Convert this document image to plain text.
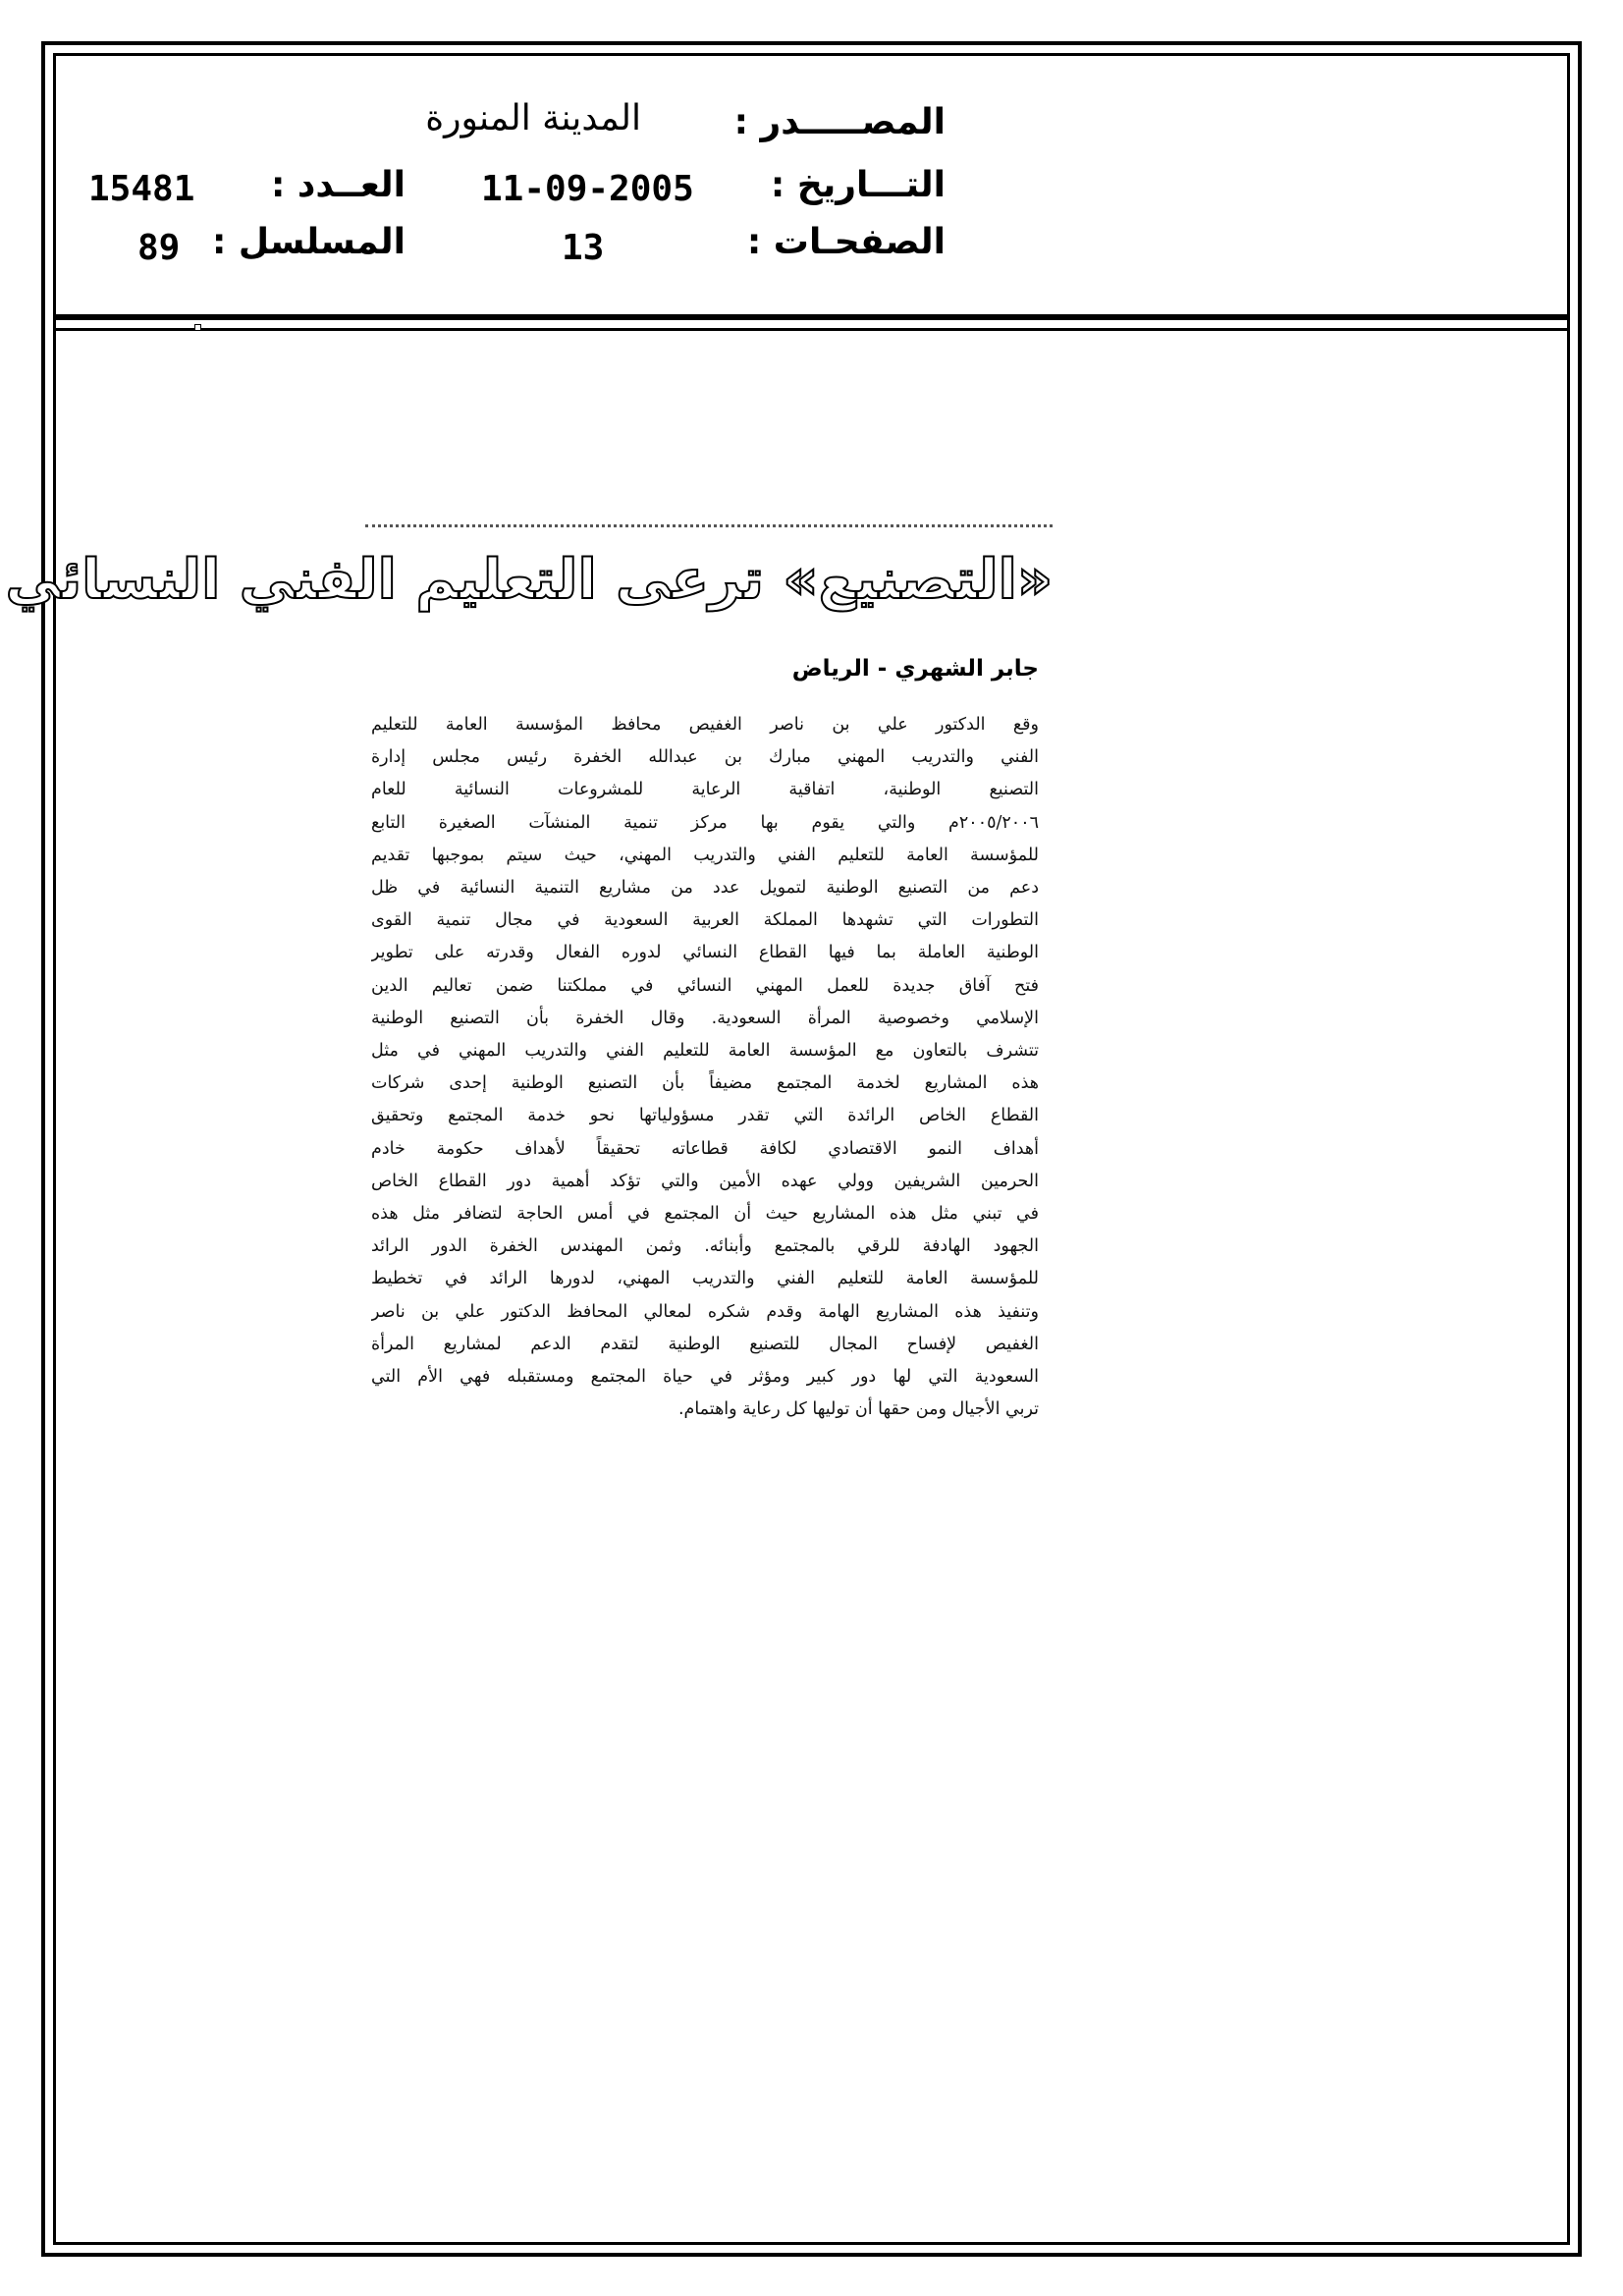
المصـــــدر :
التـــاريخ :
الصفحـات :
المدينة المنورة
11-09-2005
13
العــدد :
المسلسل :
15481
89
«التصنيع» ترعى التعليم الفني النسائي
جابر الشهري - الرياض
وقع الدكتور علي بن ناصر الغفيص محافظ المؤسسة العامة للتعليم
الفني والتدريب المهني مبارك بن عبدالله الخفرة رئيس مجلس إدارة
التصنيع الوطنية، اتفاقية الرعاية للمشروعات النسائية للعام
٢٠٠٥/٢٠٠٦م والتي يقوم بها مركز تنمية المنشآت الصغيرة التابع
للمؤسسة العامة للتعليم الفني والتدريب المهني، حيث سيتم بموجبها تقديم
دعم من التصنيع الوطنية لتمويل عدد من مشاريع التنمية النسائية في ظل
التطورات التي تشهدها المملكة العربية السعودية في مجال تنمية القوى
الوطنية العاملة بما فيها القطاع النسائي لدوره الفعال وقدرته على تطوير
فتح آفاق جديدة للعمل المهني النسائي في مملكتنا ضمن تعاليم الدين
الإسلامي وخصوصية المرأة السعودية. وقال الخفرة بأن التصنيع الوطنية
تتشرف بالتعاون مع المؤسسة العامة للتعليم الفني والتدريب المهني في مثل
هذه المشاريع لخدمة المجتمع مضيفاً بأن التصنيع الوطنية إحدى شركات
القطاع الخاص الرائدة التي تقدر مسؤولياتها نحو خدمة المجتمع وتحقيق
أهداف النمو الاقتصادي لكافة قطاعاته تحقيقاً لأهداف حكومة خادم
الحرمين الشريفين وولي عهده الأمين والتي تؤكد أهمية دور القطاع الخاص
في تبني مثل هذه المشاريع حيث أن المجتمع في أمس الحاجة لتضافر مثل هذه
الجهود الهادفة للرقي بالمجتمع وأبنائه. وثمن المهندس الخفرة الدور الرائد
للمؤسسة العامة للتعليم الفني والتدريب المهني، لدورها الرائد في تخطيط
وتنفيذ هذه المشاريع الهامة وقدم شكره لمعالي المحافظ الدكتور علي بن ناصر
الغفيص لإفساح المجال للتصنيع الوطنية لتقدم الدعم لمشاريع المرأة
السعودية التي لها دور كبير ومؤثر في حياة المجتمع ومستقبله فهي الأم التي
تربي الأجيال ومن حقها أن توليها كل رعاية واهتمام.
